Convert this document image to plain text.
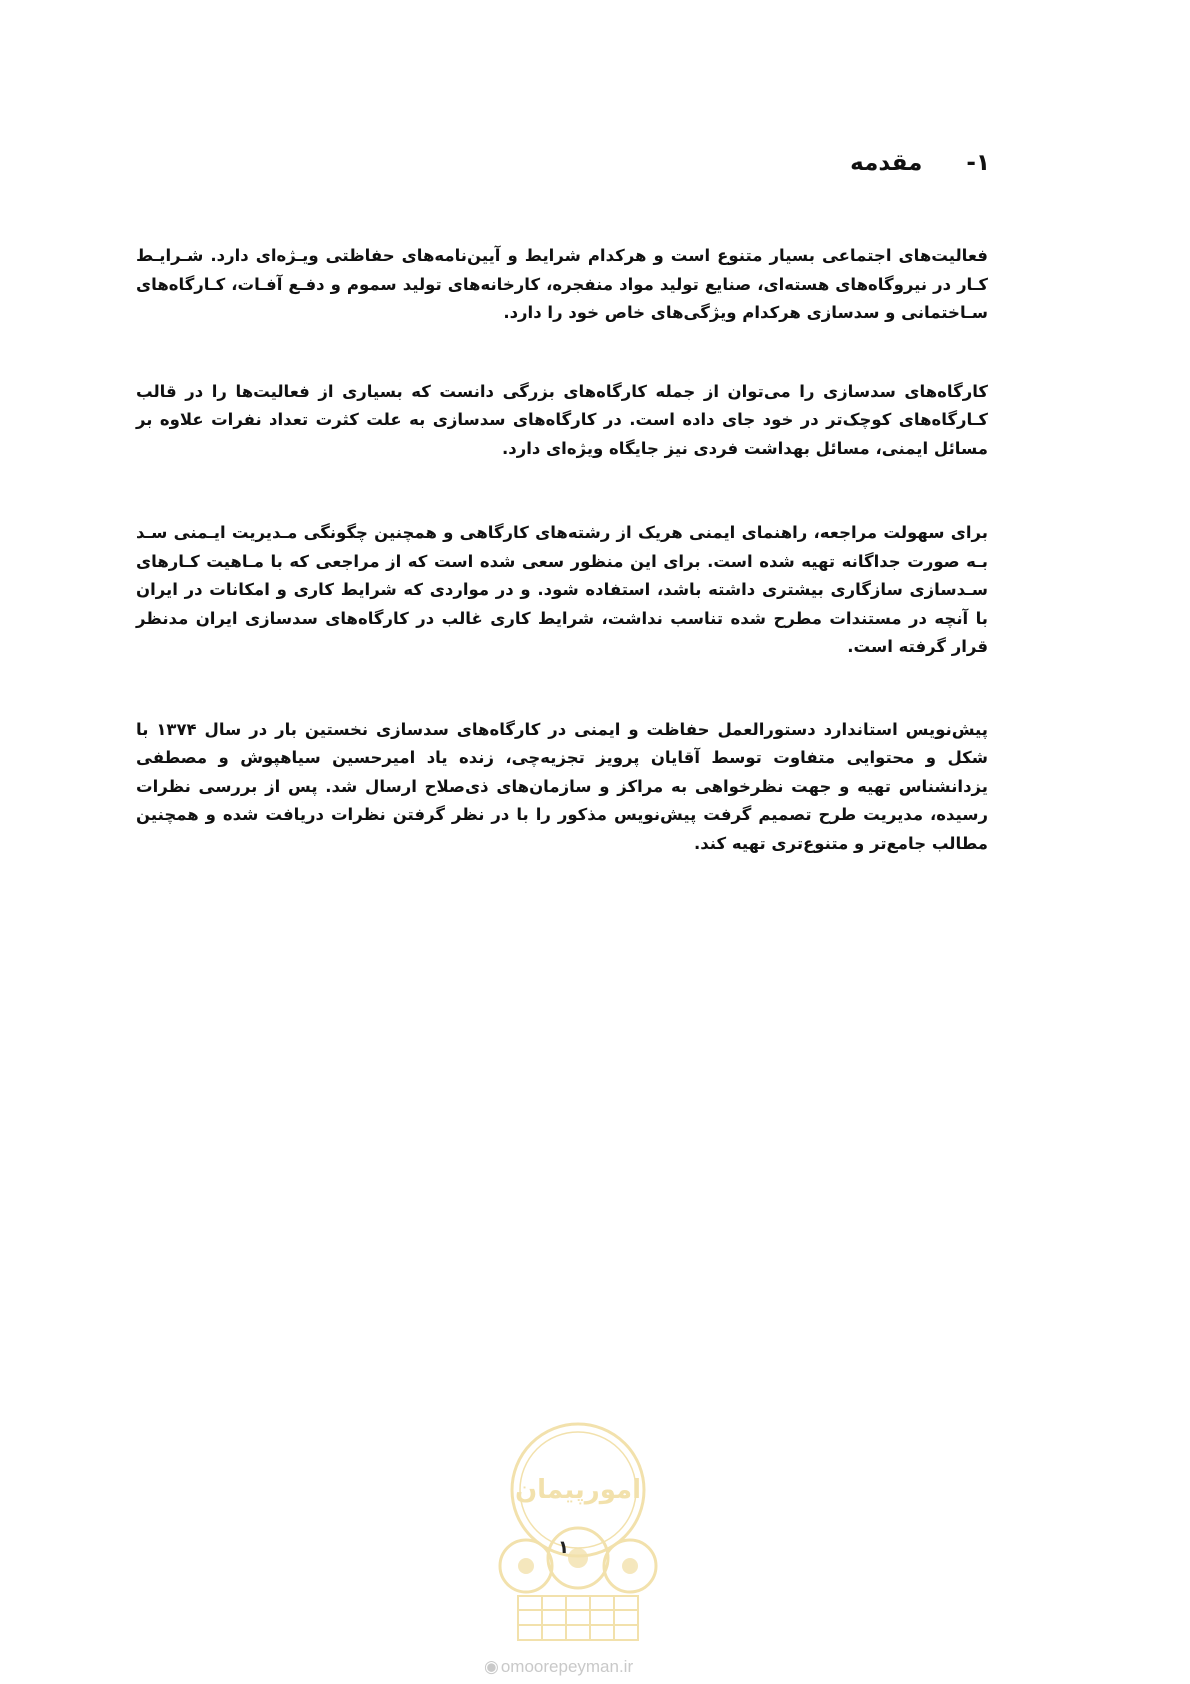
۱-
مقدمه

فعالیت‌های اجتماعی بسیار متنوع است و هرکدام شرایط و آیین‌نامه‌های حفاظتی ویـژه‌ای دارد. شـرایـط کـار در نیروگاه‌های هسته‌ای، صنایع تولید مواد منفجره، کارخانه‌های تولید سموم و دفـع آفـات، کـارگاه‌های سـاختمانی و سدسازی هرکدام ویژگی‌های خاص خود را دارد.

کارگاه‌های سدسازی را می‌توان از جمله کارگاه‌های بزرگی دانست که بسیاری از فعالیت‌ها را در قالب کـارگاه‌های کوچک‌تر در خود جای داده است. در کارگاه‌های سدسازی به علت کثرت تعداد نفرات علاوه بر مسائل ایمنی، مسائل بهداشت فردی نیز جایگاه ویژه‌ای دارد.

برای سهولت مراجعه، راهنمای ایمنی هریک از رشته‌های کارگاهی و همچنین چگونگی مـدیریت ایـمنی سـد بـه صورت جداگانه تهیه شده است. برای این منظور سعی شده است که از مراجعی که با مـاهیت کـارهای سـدسازی سازگاری بیشتری داشته باشد، استفاده شود. و در مواردی که شرایط کاری و امکانات در ایران با آنچه در مستندات مطرح شده تناسب نداشت، شرایط کاری غالب در کارگاه‌های سدسازی ایران مدنظر قرار گرفته است.

پیش‌نویس استاندارد دستورالعمل حفاظت و ایمنی در کارگاه‌های سدسازی نخستین بار در سال ۱۳۷۴ با شکل و محتوایی متفاوت توسط آقایان پرویز تجزیه‌چی، زنده یاد امیرحسین سیاهپوش و مصطفی یزدانشناس تهیه و جهت نظرخواهی به مراکز و سازمان‌های ذی‌صلاح ارسال شد. پس از بررسی نظرات رسیده، مدیریت طرح تصمیم گرفت پیش‌نویس مذکور را با در نظر گرفتن نظرات دریافت شده و همچنین مطالب جامع‌تر و متنوع‌تری تهیه کند.

امورپیمان
۱
◉ omoorepeyman.ir
